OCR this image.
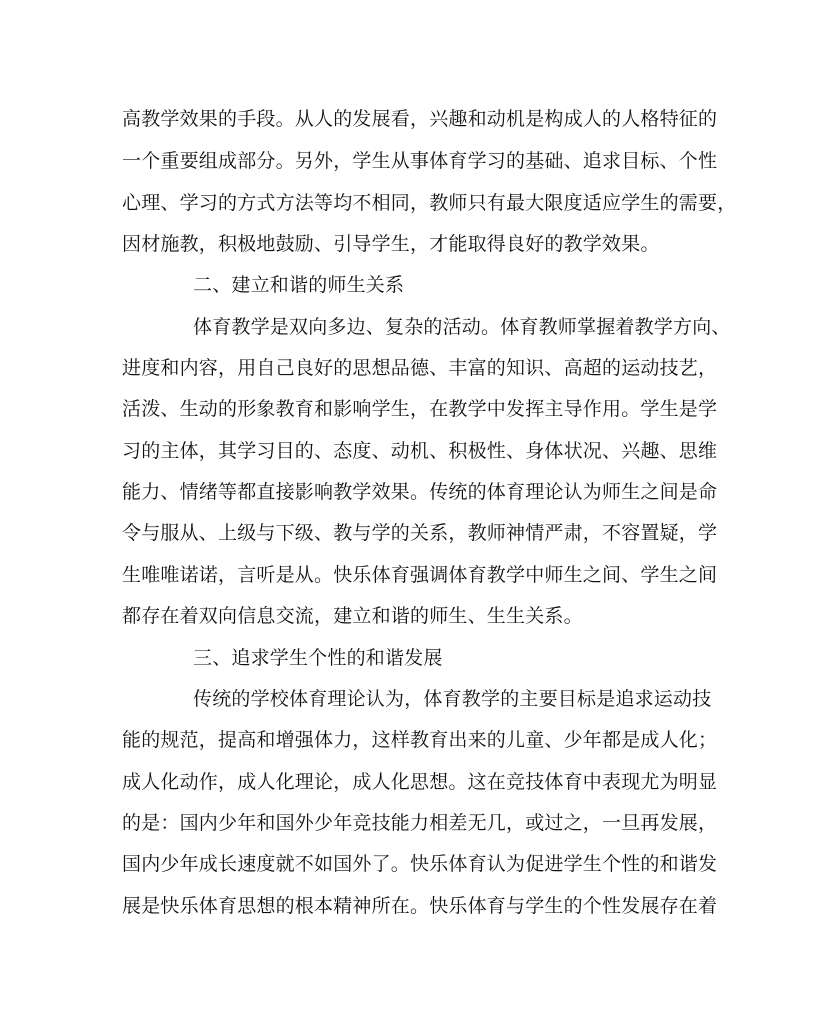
高教学效果的手段。从人的发展看，兴趣和动机是构成人的人格特征的
一个重要组成部分。另外，学生从事体育学习的基础、追求目标、个性
心理、学习的方式方法等均不相同，教师只有最大限度适应学生的需要，
因材施教，积极地鼓励、引导学生，才能取得良好的教学效果。
二、建立和谐的师生关系
体育教学是双向多边、复杂的活动。体育教师掌握着教学方向、
进度和内容，用自己良好的思想品德、丰富的知识、高超的运动技艺，
活泼、生动的形象教育和影响学生，在教学中发挥主导作用。学生是学
习的主体，其学习目的、态度、动机、积极性、身体状况、兴趣、思维
能力、情绪等都直接影响教学效果。传统的体育理论认为师生之间是命
令与服从、上级与下级、教与学的关系，教师神情严肃，不容置疑，学
生唯唯诺诺，言听是从。快乐体育强调体育教学中师生之间、学生之间
都存在着双向信息交流，建立和谐的师生、生生关系。
三、追求学生个性的和谐发展
传统的学校体育理论认为，体育教学的主要目标是追求运动技
能的规范，提高和增强体力，这样教育出来的儿童、少年都是成人化；
成人化动作，成人化理论，成人化思想。这在竞技体育中表现尤为明显
的是：国内少年和国外少年竞技能力相差无几，或过之，一旦再发展，
国内少年成长速度就不如国外了。快乐体育认为促进学生个性的和谐发
展是快乐体育思想的根本精神所在。快乐体育与学生的个性发展存在着
